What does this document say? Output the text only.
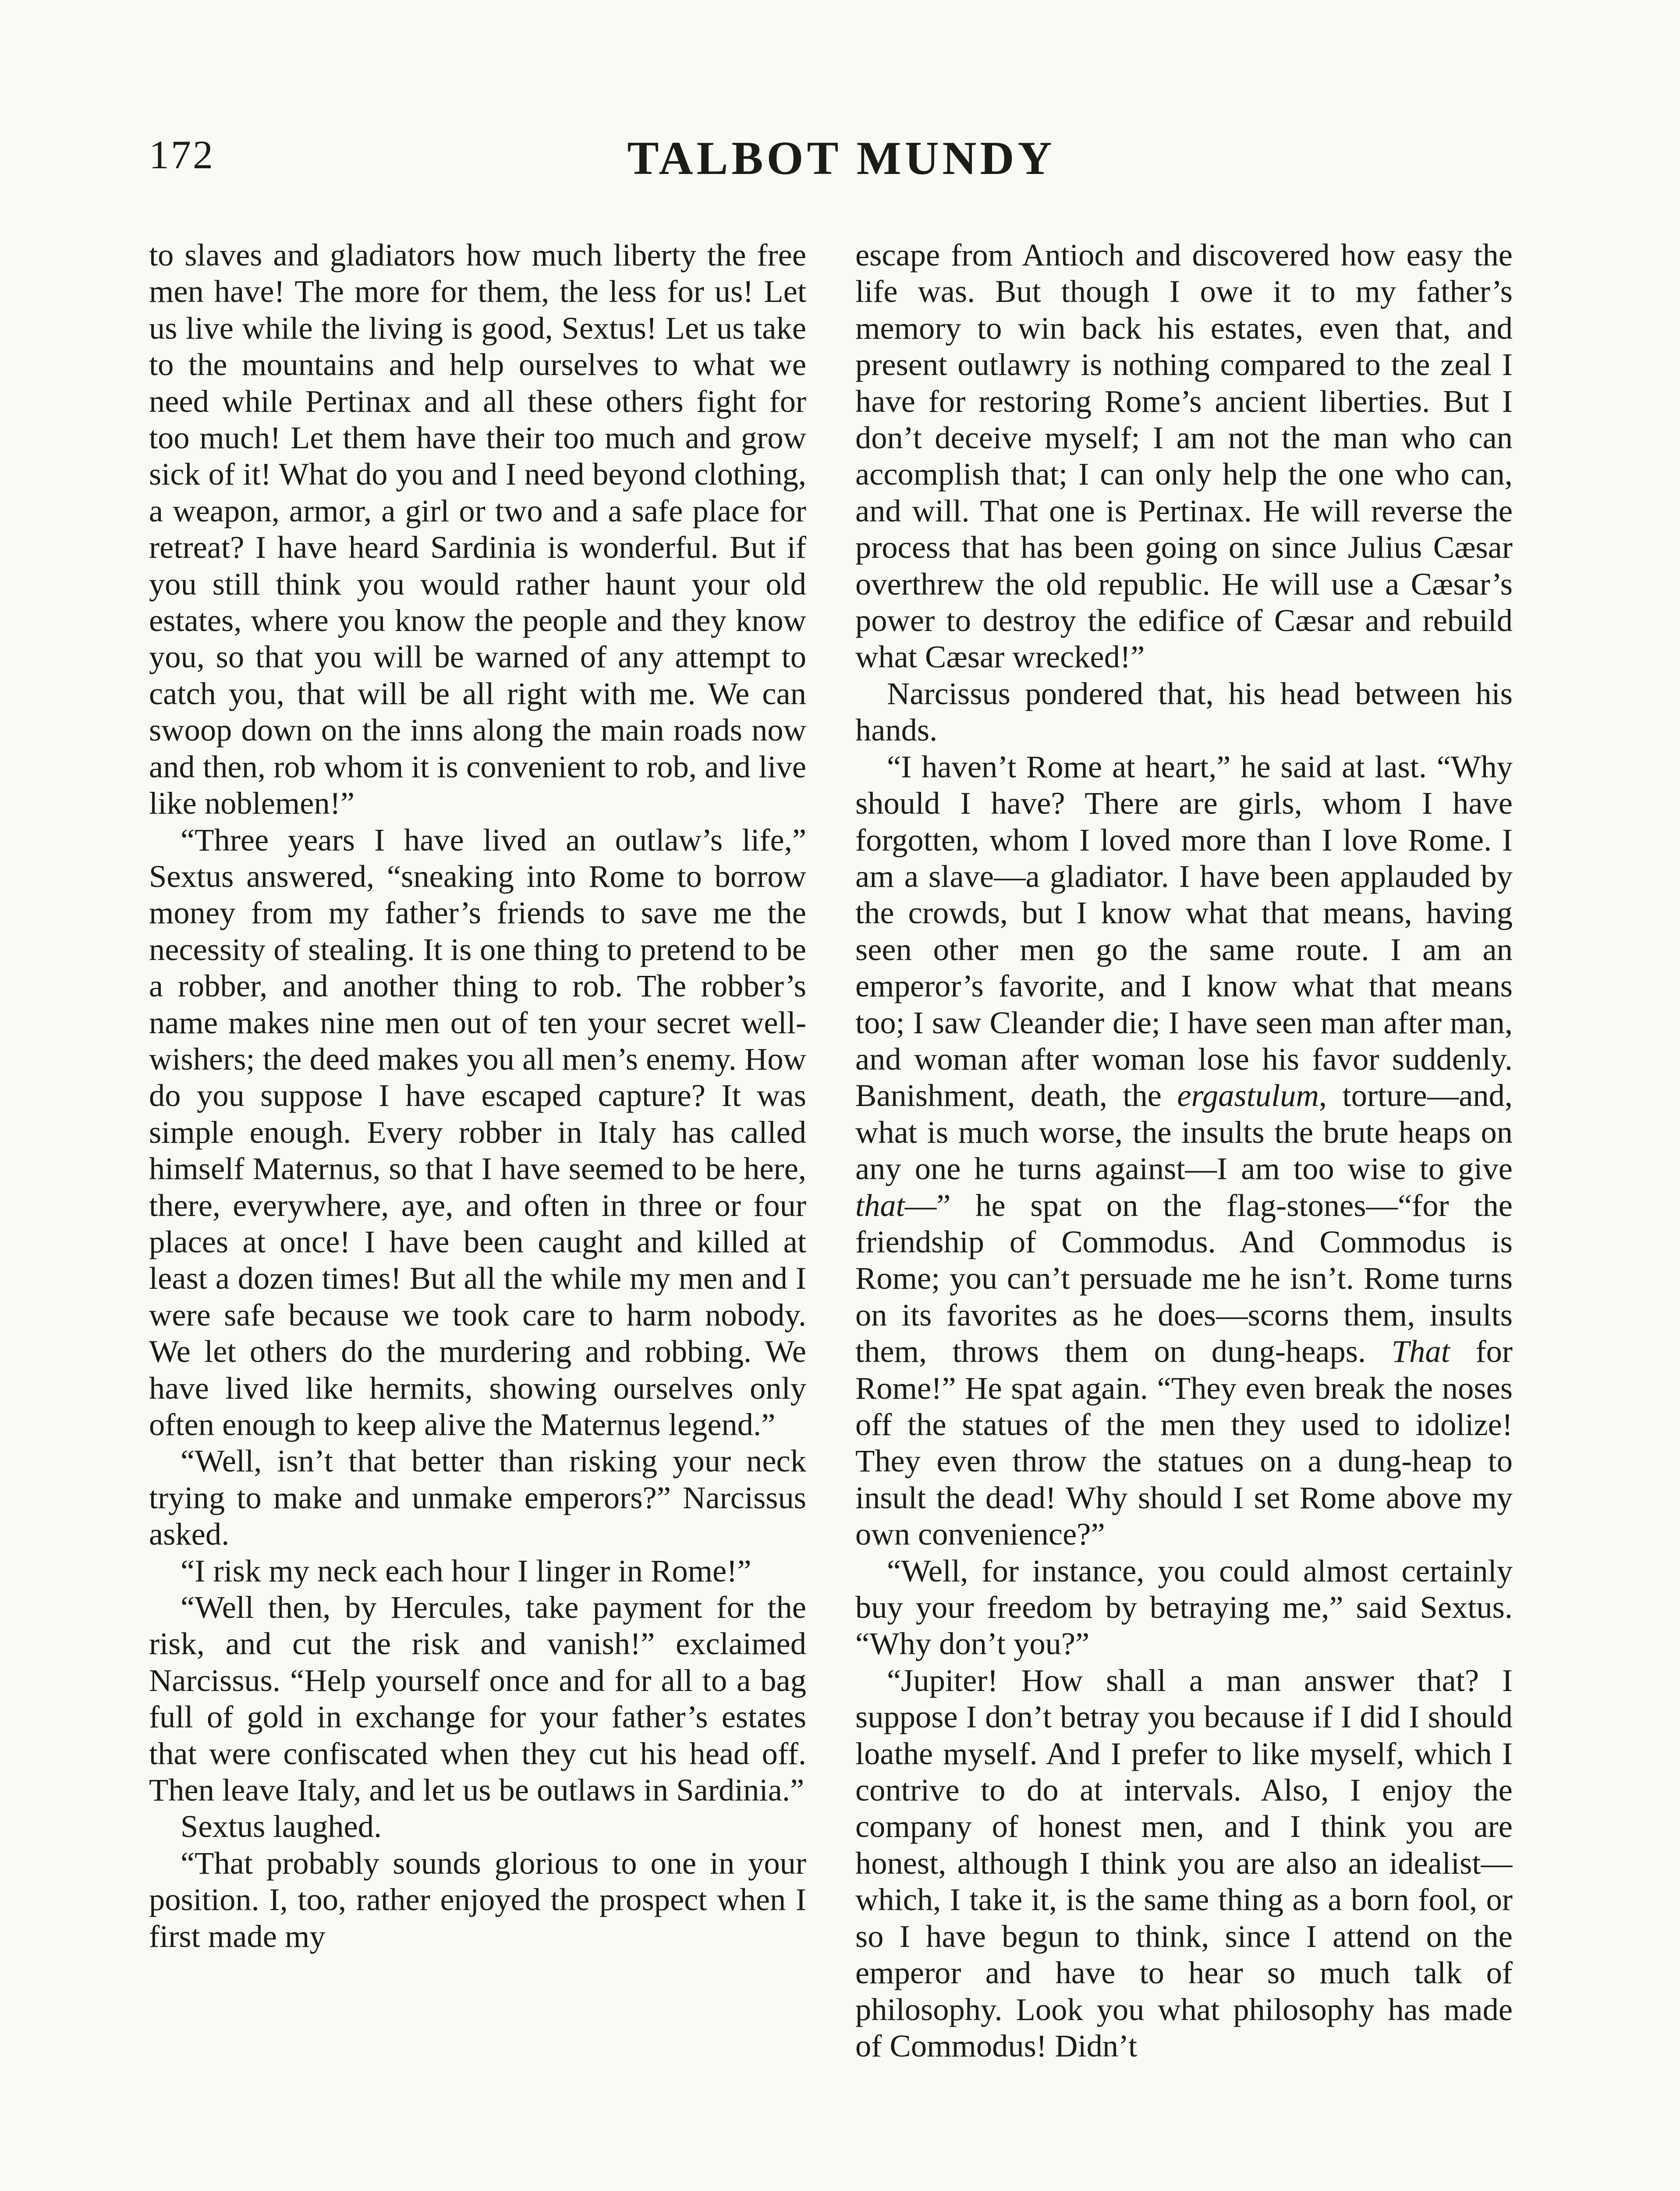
172	TALBOT MUNDY

to slaves and gladiators how much liberty the free men have! The more for them, the less for us! Let us live while the living is good, Sextus! Let us take to the mountains and help ourselves to what we need while Pertinax and all these others fight for too much! Let them have their too much and grow sick of it! What do you and I need beyond clothing, a weapon, armor, a girl or two and a safe place for retreat? I have heard Sardinia is wonderful. But if you still think you would rather haunt your old estates, where you know the people and they know you, so that you will be warned of any attempt to catch you, that will be all right with me. We can swoop down on the inns along the main roads now and then, rob whom it is convenient to rob, and live like noblemen!”

“Three years I have lived an outlaw’s life,” Sextus answered, “sneaking into Rome to borrow money from my father’s friends to save me the necessity of stealing. It is one thing to pretend to be a robber, and another thing to rob. The robber’s name makes nine men out of ten your secret well-wishers; the deed makes you all men’s enemy. How do you suppose I have escaped capture? It was simple enough. Every robber in Italy has called himself Maternus, so that I have seemed to be here, there, everywhere, aye, and often in three or four places at once! I have been caught and killed at least a dozen times! But all the while my men and I were safe because we took care to harm nobody. We let others do the murdering and robbing. We have lived like hermits, showing ourselves only often enough to keep alive the Maternus legend.”

“Well, isn’t that better than risking your neck trying to make and unmake emperors?” Narcissus asked.

“I risk my neck each hour I linger in Rome!”

“Well then, by Hercules, take payment for the risk, and cut the risk and vanish!” exclaimed Narcissus. “Help yourself once and for all to a bag full of gold in exchange for your father’s estates that were confiscated when they cut his head off. Then leave Italy, and let us be outlaws in Sardinia.”

Sextus laughed.

“That probably sounds glorious to one in your position. I, too, rather enjoyed the prospect when I first made my

escape from Antioch and discovered how easy the life was. But though I owe it to my father’s memory to win back his estates, even that, and present outlawry is nothing compared to the zeal I have for restoring Rome’s ancient liberties. But I don’t deceive myself; I am not the man who can accomplish that; I can only help the one who can, and will. That one is Pertinax. He will reverse the process that has been going on since Julius Cæsar overthrew the old republic. He will use a Cæsar’s power to destroy the edifice of Cæsar and rebuild what Cæsar wrecked!”

Narcissus pondered that, his head between his hands.

“I haven’t Rome at heart,” he said at last. “Why should I have? There are girls, whom I have forgotten, whom I loved more than I love Rome. I am a slave—a gladiator. I have been applauded by the crowds, but I know what that means, having seen other men go the same route. I am an emperor’s favorite, and I know what that means too; I saw Cleander die; I have seen man after man, and woman after woman lose his favor suddenly. Banishment, death, the ergastulum, torture—and, what is much worse, the insults the brute heaps on any one he turns against—I am too wise to give that—” he spat on the flag-stones—“for the friendship of Commodus. And Commodus is Rome; you can’t persuade me he isn’t. Rome turns on its favorites as he does—scorns them, insults them, throws them on dung-heaps. That for Rome!” He spat again. “They even break the noses off the statues of the men they used to idolize! They even throw the statues on a dung-heap to insult the dead! Why should I set Rome above my own convenience?”

“Well, for instance, you could almost certainly buy your freedom by betraying me,” said Sextus. “Why don’t you?”

“Jupiter! How shall a man answer that? I suppose I don’t betray you because if I did I should loathe myself. And I prefer to like myself, which I contrive to do at intervals. Also, I enjoy the company of honest men, and I think you are honest, although I think you are also an idealist—which, I take it, is the same thing as a born fool, or so I have begun to think, since I attend on the emperor and have to hear so much talk of philosophy. Look you what philosophy has made of Commodus! Didn’t
